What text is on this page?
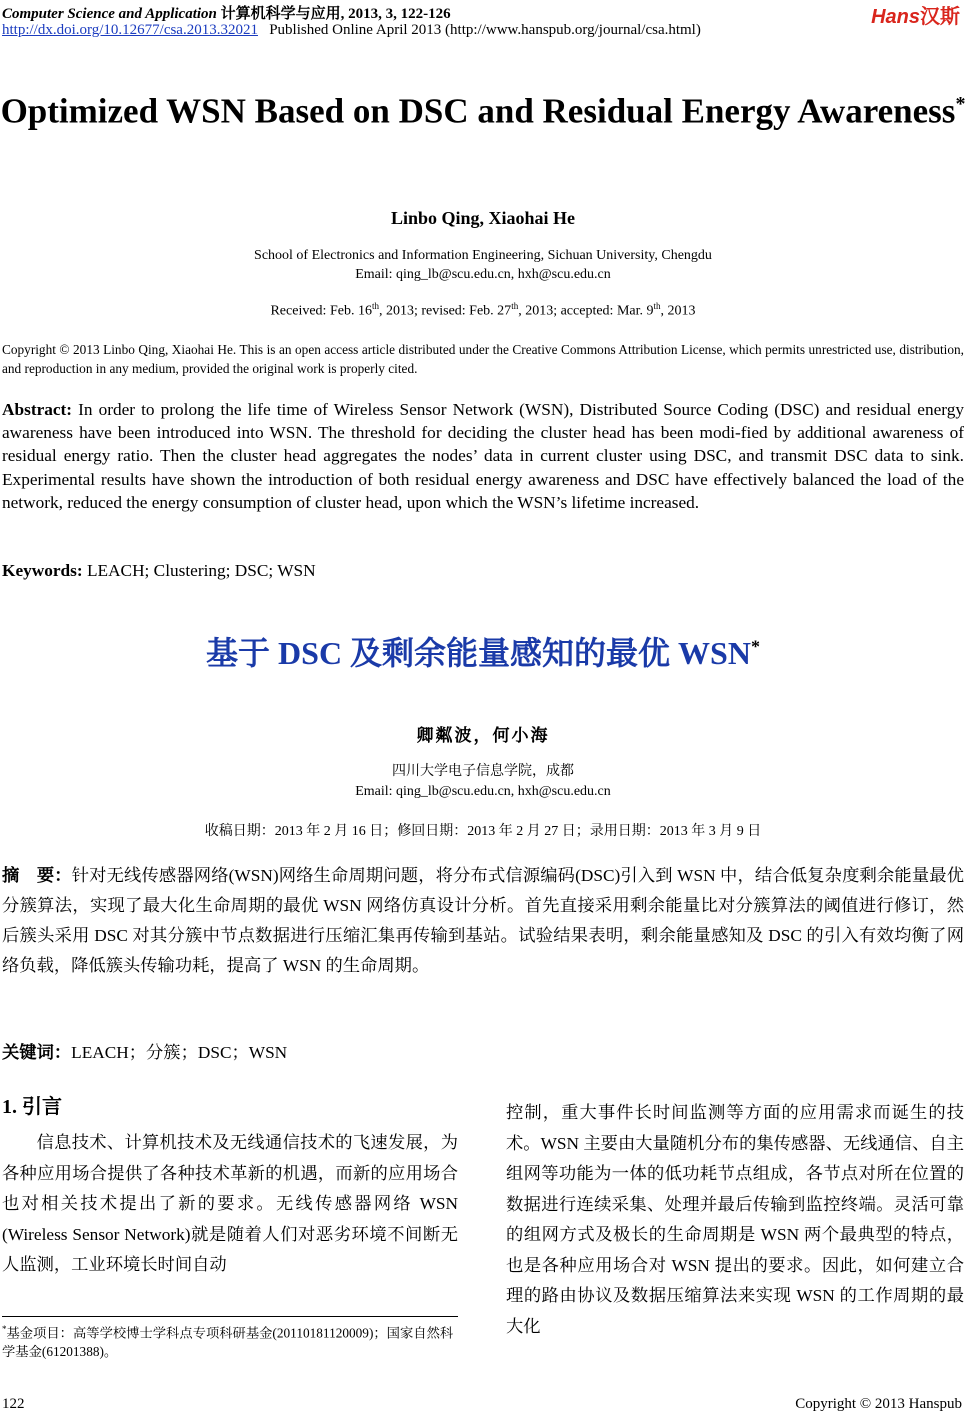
Computer Science and Application 计算机科学与应用, 2013, 3, 122-126	Hans汉斯
http://dx.doi.org/10.12677/csa.2013.32021 Published Online April 2013 (http://www.hanspub.org/journal/csa.html)
Optimized WSN Based on DSC and Residual Energy Awareness*
Linbo Qing, Xiaohai He
School of Electronics and Information Engineering, Sichuan University, Chengdu
Email: qing_lb@scu.edu.cn, hxh@scu.edu.cn
Received: Feb. 16th, 2013; revised: Feb. 27th, 2013; accepted: Mar. 9th, 2013
Copyright © 2013 Linbo Qing, Xiaohai He. This is an open access article distributed under the Creative Commons Attribution License, which permits unrestricted use, distribution, and reproduction in any medium, provided the original work is properly cited.
Abstract: In order to prolong the life time of Wireless Sensor Network (WSN), Distributed Source Coding (DSC) and residual energy awareness have been introduced into WSN. The threshold for deciding the cluster head has been modi-fied by additional awareness of residual energy ratio. Then the cluster head aggregates the nodes’ data in current cluster using DSC, and transmit DSC data to sink. Experimental results have shown the introduction of both residual energy awareness and DSC have effectively balanced the load of the network, reduced the energy consumption of cluster head, upon which the WSN’s lifetime increased.
Keywords: LEACH; Clustering; DSC; WSN
基于 DSC 及剩余能量感知的最优 WSN*
卿粼波，何小海
四川大学电子信息学院，成都
Email: qing_lb@scu.edu.cn, hxh@scu.edu.cn
收稿日期：2013 年 2 月 16 日；修回日期：2013 年 2 月 27 日；录用日期：2013 年 3 月 9 日
摘　要：针对无线传感器网络(WSN)网络生命周期问题，将分布式信源编码(DSC)引入到 WSN 中，结合低复杂度剩余能量最优分簇算法，实现了最大化生命周期的最优 WSN 网络仿真设计分析。首先直接采用剩余能量比对分簇算法的阈值进行修订，然后簇头采用 DSC 对其分簇中节点数据进行压缩汇集再传输到基站。试验结果表明，剩余能量感知及 DSC 的引入有效均衡了网络负载，降低簇头传输功耗，提高了 WSN 的生命周期。
关键词：LEACH；分簇；DSC；WSN
1. 引言
信息技术、计算机技术及无线通信技术的飞速发展，为各种应用场合提供了各种技术革新的机遇，而新的应用场合也对相关技术提出了新的要求。无线传感器网络 WSN (Wireless Sensor Network)就是随着人们对恶劣环境不间断无人监测，工业环境长时间自动
控制，重大事件长时间监测等方面的应用需求而诞生的技术。WSN 主要由大量随机分布的集传感器、无线通信、自主组网等功能为一体的低功耗节点组成，各节点对所在位置的数据进行连续采集、处理并最后传输到监控终端。灵活可靠的组网方式及极长的生命周期是 WSN 两个最典型的特点，也是各种应用场合对 WSN 提出的要求。因此，如何建立合理的路由协议及数据压缩算法来实现 WSN 的工作周期的最大化
*基金项目：高等学校博士学科点专项科研基金(20110181120009)；国家自然科学基金(61201388)。
122	Copyright © 2013 Hanspub
